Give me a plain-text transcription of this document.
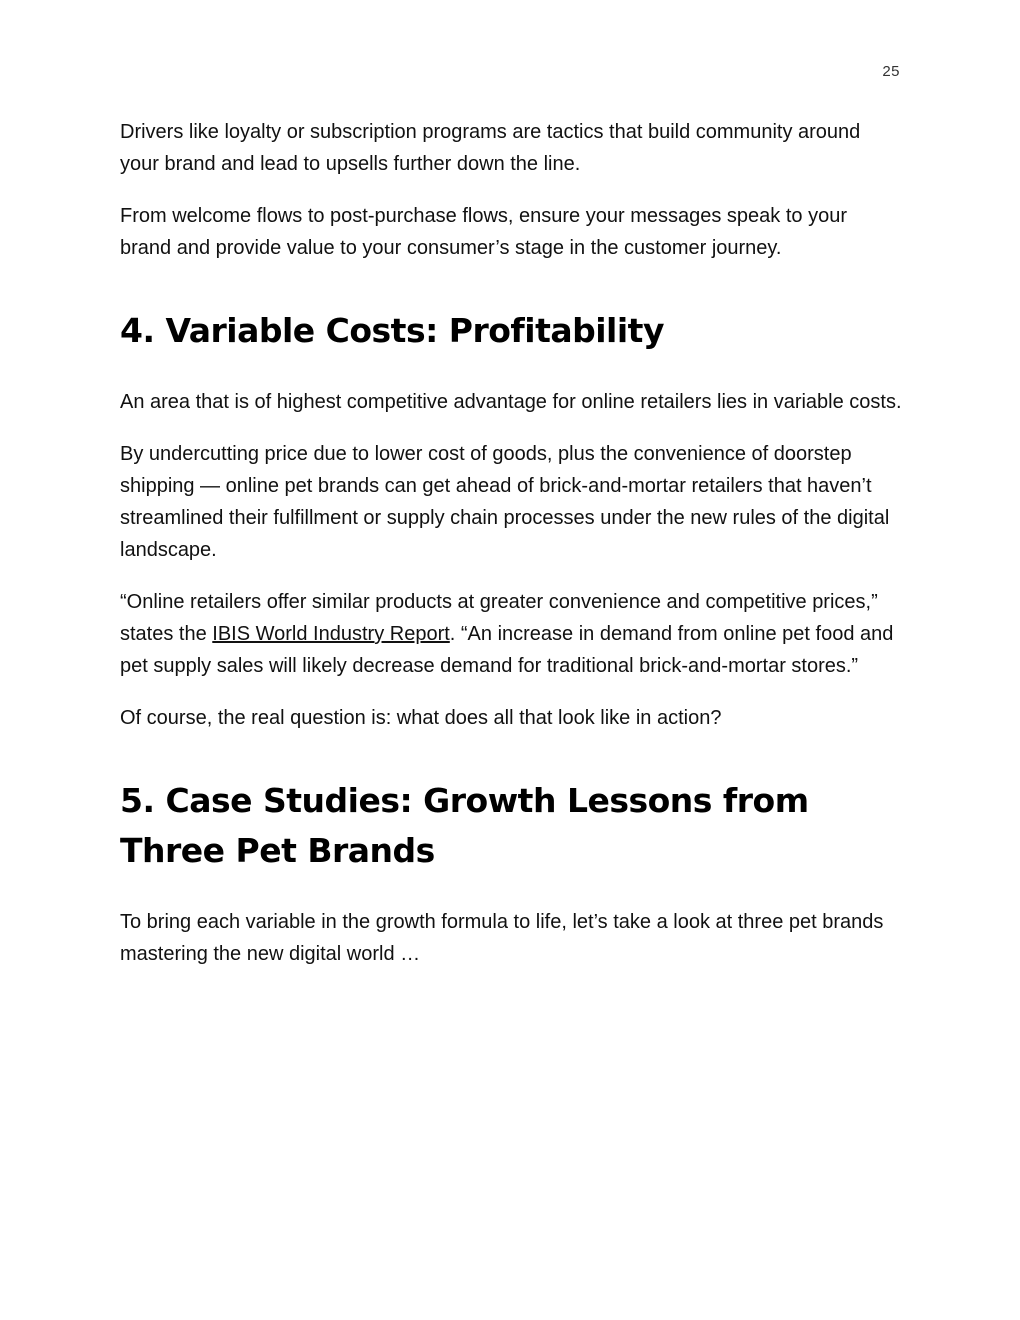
25

Drivers like loyalty or subscription programs are tactics that build community around your brand and lead to upsells further down the line.

From welcome flows to post-purchase flows, ensure your messages speak to your brand and provide value to your consumer’s stage in the customer journey.

4. Variable Costs: Profitability

An area that is of highest competitive advantage for online retailers lies in variable costs.

By undercutting price due to lower cost of goods, plus the convenience of doorstep shipping — online pet brands can get ahead of brick-and-mortar retailers that haven’t streamlined their fulfillment or supply chain processes under the new rules of the digital landscape.

“Online retailers offer similar products at greater convenience and competitive prices,” states the IBIS World Industry Report. “An increase in demand from online pet food and pet supply sales will likely decrease demand for traditional brick-and-mortar stores.”

Of course, the real question is: what does all that look like in action?

5. Case Studies: Growth Lessons from Three Pet Brands

To bring each variable in the growth formula to life, let’s take a look at three pet brands mastering the new digital world …
